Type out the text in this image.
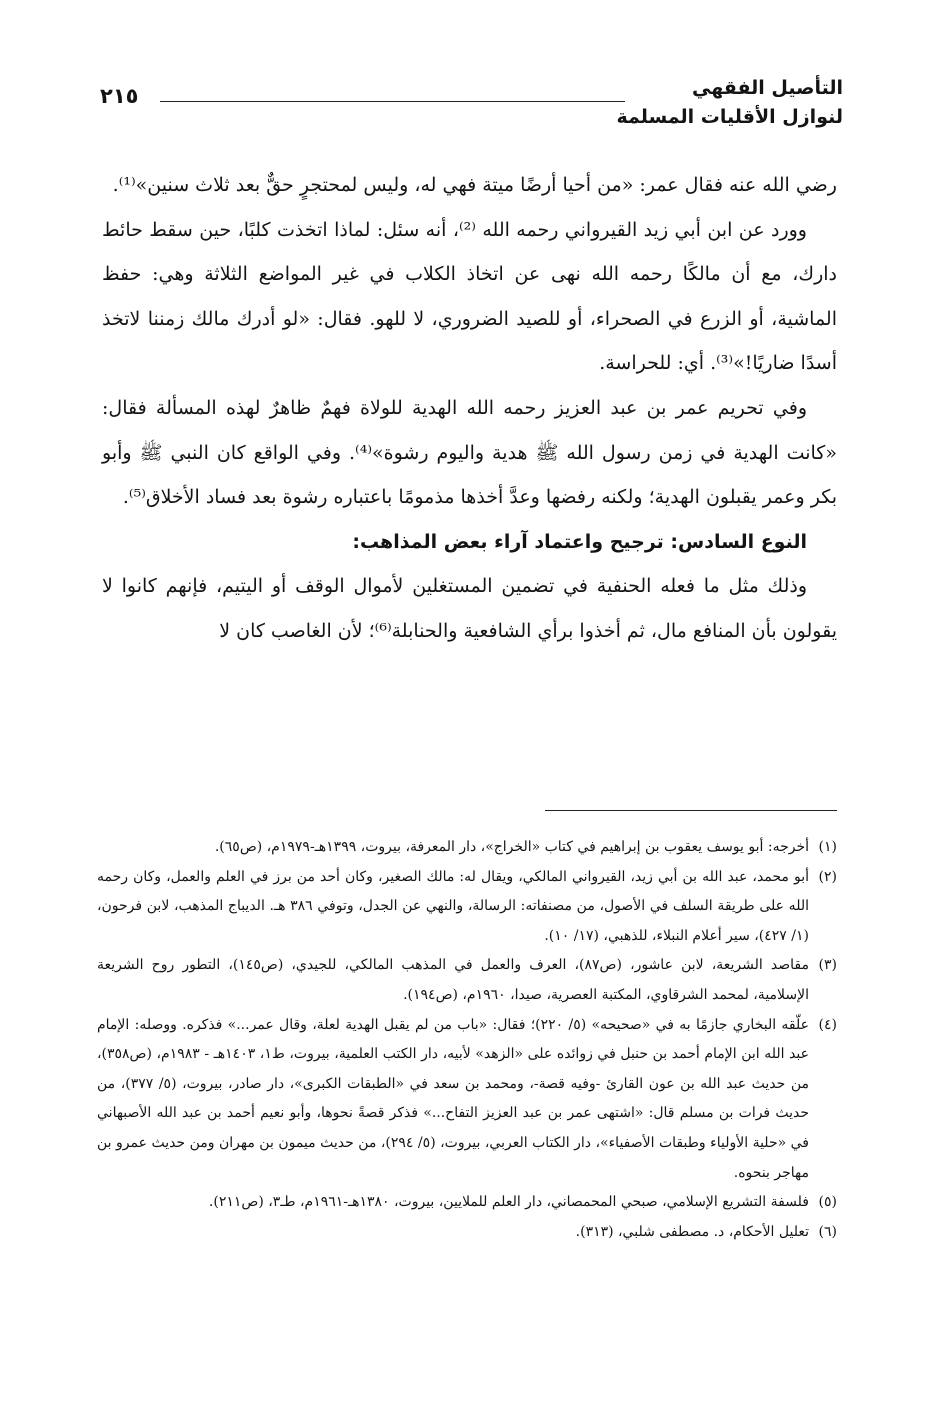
التأصيل الفقهي
لنوازل الأقليات المسلمة
٢١٥

رضي الله عنه فقال عمر: «من أحيا أرضًا ميتة فهي له، وليس لمحتجرٍ حقٌّ بعد ثلاث سنين»⁽¹⁾.

وورد عن ابن أبي زيد القيرواني رحمه الله ⁽²⁾، أنه سئل: لماذا اتخذت كلبًا، حين سقط حائط دارك، مع أن مالكًا رحمه الله نهى عن اتخاذ الكلاب في غير المواضع الثلاثة وهي: حفظ الماشية، أو الزرع في الصحراء، أو للصيد الضروري، لا للهو. فقال: «لو أدرك مالك زمننا لاتخذ أسدًا ضاريًا!»⁽³⁾. أي: للحراسة.

وفي تحريم عمر بن عبد العزيز رحمه الله الهدية للولاة فهمٌ ظاهرٌ لهذه المسألة فقال: «كانت الهدية في زمن رسول الله ﷺ هدية واليوم رشوة»⁽⁴⁾. وفي الواقع كان النبي ﷺ وأبو بكر وعمر يقبلون الهدية؛ ولكنه رفضها وعدَّ أخذها مذمومًا باعتباره رشوة بعد فساد الأخلاق⁽⁵⁾.

النوع السادس: ترجيح واعتماد آراء بعض المذاهب:

وذلك مثل ما فعله الحنفية في تضمين المستغلين لأموال الوقف أو اليتيم، فإنهم كانوا لا يقولون بأن المنافع مال، ثم أخذوا برأي الشافعية والحنابلة⁽⁶⁾؛ لأن الغاصب كان لا

(١)أخرجه: أبو يوسف يعقوب بن إبراهيم في كتاب «الخراج»، دار المعرفة، بيروت، ١٣٩٩هـ-١٩٧٩م، (ص٦٥).

(٢)أبو محمد، عبد الله بن أبي زيد، القيرواني المالكي، ويقال له: مالك الصغير، وكان أحد من برز في العلم والعمل، وكان رحمه الله على طريقة السلف في الأصول، من مصنفاته: الرسالة، والنهي عن الجدل، وتوفي ٣٨٦ هـ. الديباج المذهب، لابن فرحون، (١/ ٤٢٧)، سير أعلام النبلاء، للذهبي، (١٧/ ١٠).

(٣)مقاصد الشريعة، لابن عاشور، (ص٨٧)، العرف والعمل في المذهب المالكي، للجيدي، (ص١٤٥)، التطور روح الشريعة الإسلامية، لمحمد الشرقاوي، المكتبة العصرية، صيدا، ١٩٦٠م، (ص١٩٤).

(٤)علّقه البخاري جازمًا به في «صحيحه» (٥/ ٢٢٠)؛ فقال: «باب من لم يقبل الهدية لعلة، وقال عمر...» فذكره. ووصله: الإمام عبد الله ابن الإمام أحمد بن حنبل في زوائده على «الزهد» لأبيه، دار الكتب العلمية، بيروت، ط١، ١٤٠٣هـ - ١٩٨٣م، (ص٣٥٨)، من حديث عبد الله بن عون القارئ -وفيه قصة-، ومحمد بن سعد في «الطبقات الكبرى»، دار صادر، بيروت، (٥/ ٣٧٧)، من حديث فرات بن مسلم قال: «اشتهى عمر بن عبد العزيز التفاح...» فذكر قصةً نحوها، وأبو نعيم أحمد بن عبد الله الأصبهاني في «حلية الأولياء وطبقات الأصفياء»، دار الكتاب العربي، بيروت، (٥/ ٢٩٤)، من حديث ميمون بن مهران ومن حديث عمرو بن مهاجر بنحوه.

(٥)فلسفة التشريع الإسلامي، صبحي المحمصاني، دار العلم للملايين، بيروت، ١٣٨٠هـ-١٩٦١م، طـ٣، (ص٢١١).

(٦)تعليل الأحكام، د. مصطفى شلبي، (٣١٣).
